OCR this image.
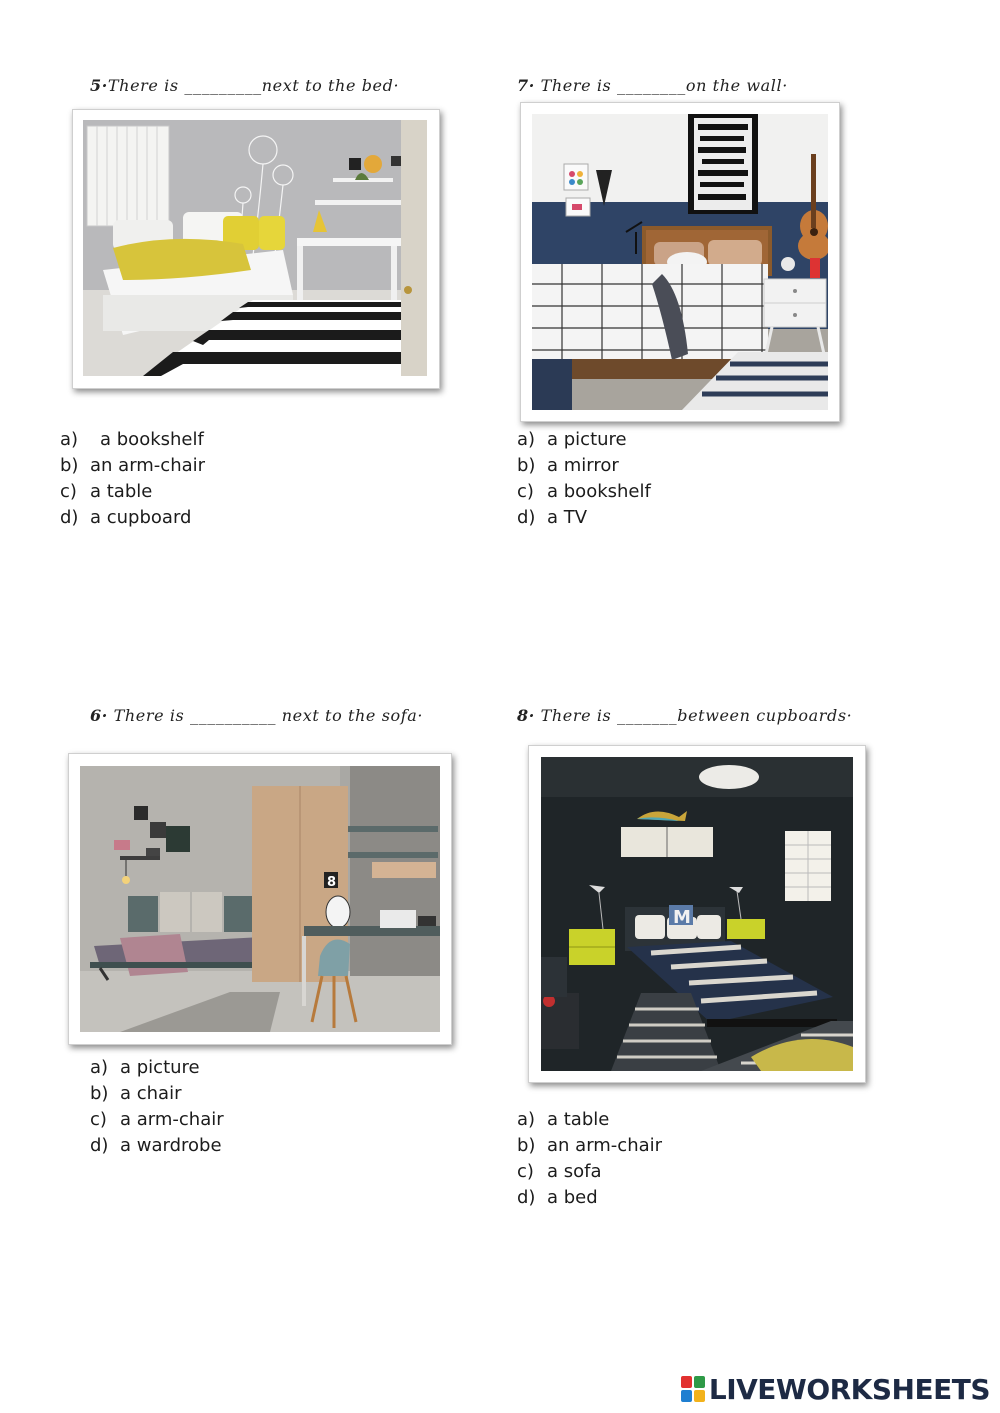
5·There is _________next to the bed·
a) a bookshelf
b) an arm-chair
c) a table
d) a cupboard
7· There is ________on the wall·
a) a picture
b) a mirror
c) a bookshelf
d) a TV
6· There is __________ next to the sofa·
8
a) a picture
b) a chair
c) a arm-chair
d) a wardrobe
8· There is _______between cupboards·
M
a) a table
b) an arm-chair
c) a sofa
d) a bed
LIVEWORKSHEETS
